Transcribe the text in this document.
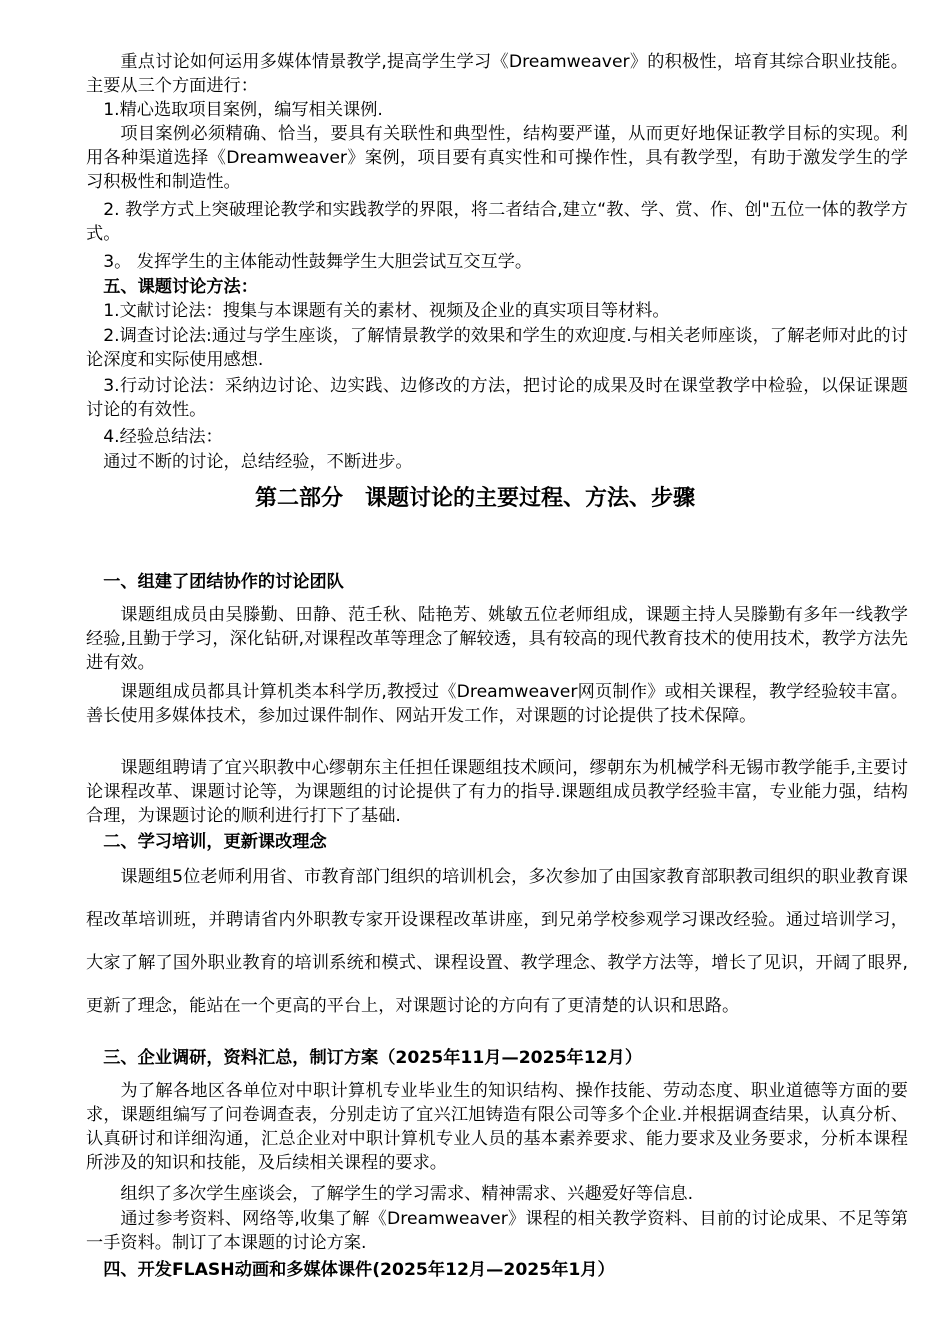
重点讨论如何运用多媒体情景教学,提高学生学习《Dreamweaver》的积极性，培育其综合职业技能。主要从三个方面进行：

1.精心选取项目案例，编写相关课例.

项目案例必须精确、恰当，要具有关联性和典型性，结构要严谨，从而更好地保证教学目标的实现。利用各种渠道选择《Dreamweaver》案例，项目要有真实性和可操作性，具有教学型，有助于激发学生的学习积极性和制造性。

2. 教学方式上突破理论教学和实践教学的界限，将二者结合,建立“教、学、赏、作、创"五位一体的教学方式。

3。 发挥学生的主体能动性鼓舞学生大胆尝试互交互学。

五、课题讨论方法：

1.文献讨论法：搜集与本课题有关的素材、视频及企业的真实项目等材料。

2.调查讨论法:通过与学生座谈，了解情景教学的效果和学生的欢迎度.与相关老师座谈，了解老师对此的讨论深度和实际使用感想.

3.行动讨论法：采纳边讨论、边实践、边修改的方法，把讨论的成果及时在课堂教学中检验，以保证课题讨论的有效性。

4.经验总结法：

通过不断的讨论，总结经验，不断进步。

第二部分　课题讨论的主要过程、方法、步骤

一、组建了团结协作的讨论团队

课题组成员由吴滕勤、田静、范壬秋、陆艳芳、姚敏五位老师组成，课题主持人吴滕勤有多年一线教学经验,且勤于学习，深化钻研,对课程改革等理念了解较透，具有较高的现代教育技术的使用技术，教学方法先进有效。

课题组成员都具计算机类本科学历,教授过《Dreamweaver网页制作》或相关课程，教学经验较丰富。善长使用多媒体技术，参加过课件制作、网站开发工作，对课题的讨论提供了技术保障。

课题组聘请了宜兴职教中心缪朝东主任担任课题组技术顾问，缪朝东为机械学科无锡市教学能手,主要讨论课程改革、课题讨论等，为课题组的讨论提供了有力的指导.课题组成员教学经验丰富，专业能力强，结构合理，为课题讨论的顺利进行打下了基础.

二、学习培训，更新课改理念

课题组5位老师利用省、市教育部门组织的培训机会，多次参加了由国家教育部职教司组织的职业教育课程改革培训班，并聘请省内外职教专家开设课程改革讲座，到兄弟学校参观学习课改经验。通过培训学习，大家了解了国外职业教育的培训系统和模式、课程设置、教学理念、教学方法等，增长了见识，开阔了眼界,更新了理念，能站在一个更高的平台上，对课题讨论的方向有了更清楚的认识和思路。

三、企业调研，资料汇总，制订方案（2025年11月—2025年12月）

为了解各地区各单位对中职计算机专业毕业生的知识结构、操作技能、劳动态度、职业道德等方面的要求，课题组编写了问卷调查表，分别走访了宜兴江旭铸造有限公司等多个企业.并根据调查结果，认真分析、认真研讨和详细沟通，汇总企业对中职计算机专业人员的基本素养要求、能力要求及业务要求，分析本课程所涉及的知识和技能，及后续相关课程的要求。

组织了多次学生座谈会，了解学生的学习需求、精神需求、兴趣爱好等信息.

通过参考资料、网络等,收集了解《Dreamweaver》课程的相关教学资料、目前的讨论成果、不足等第一手资料。制订了本课题的讨论方案.

四、开发FLASH动画和多媒体课件(2025年12月—2025年1月）
